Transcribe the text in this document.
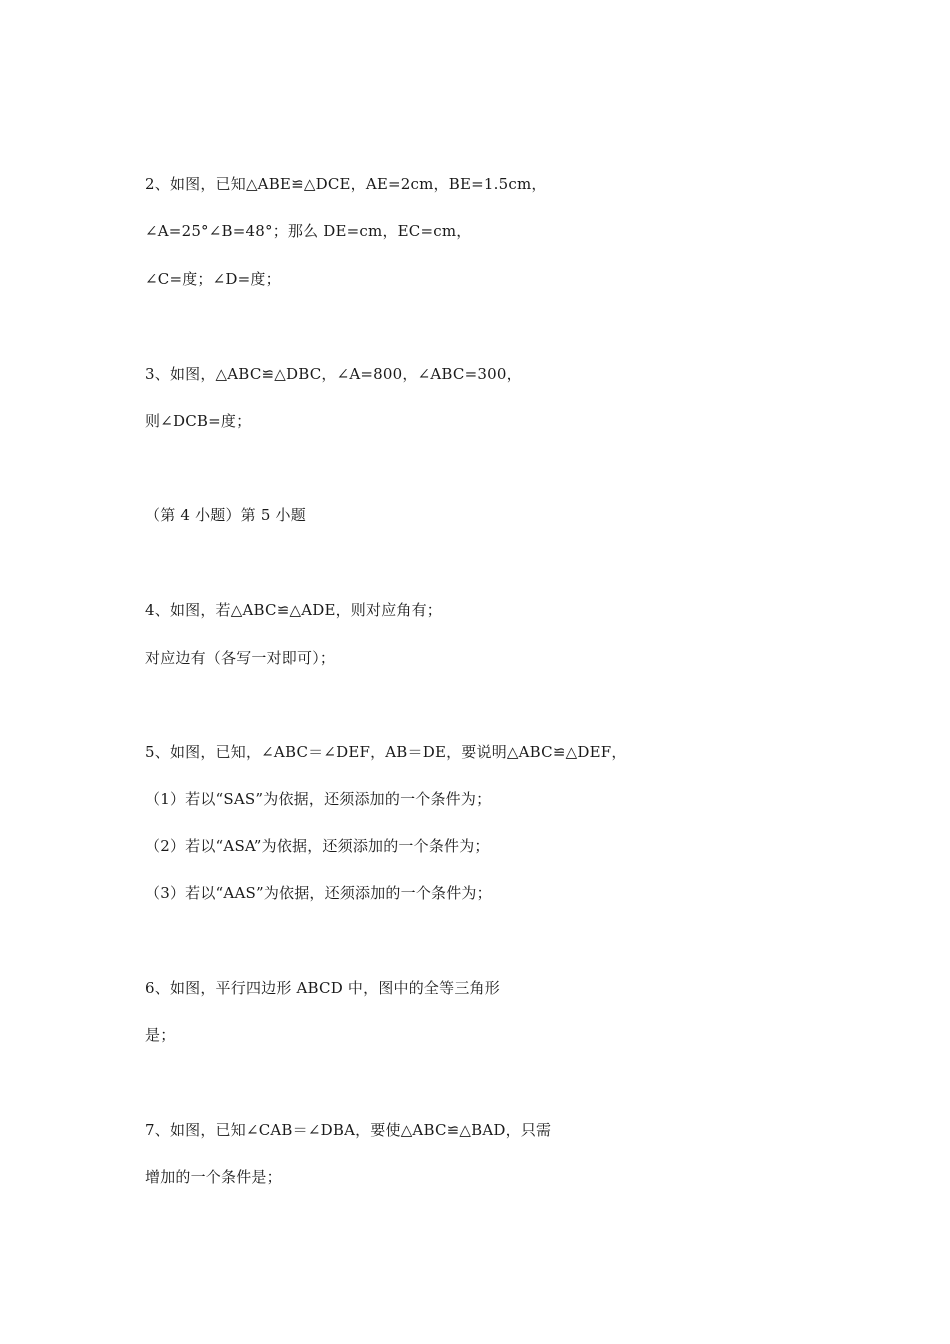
2、如图，已知△ABE≌△DCE，AE=2cm，BE=1.5cm，
∠A=25°∠B=48°；那么 DE=cm，EC=cm，
∠C=度；∠D=度；
3、如图，△ABC≌△DBC，∠A=800，∠ABC=300，
则∠DCB=度；
（第 4 小题）第 5 小题
4、如图，若△ABC≌△ADE，则对应角有；
对应边有（各写一对即可）；
5、如图，已知，∠ABC＝∠DEF，AB＝DE，要说明△ABC≌△DEF，
（1）若以“SAS”为依据，还须添加的一个条件为；
（2）若以“ASA”为依据，还须添加的一个条件为；
（3）若以“AAS”为依据，还须添加的一个条件为；
6、如图，平行四边形 ABCD 中，图中的全等三角形
是；
7、如图，已知∠CAB＝∠DBA，要使△ABC≌△BAD，只需
增加的一个条件是；
